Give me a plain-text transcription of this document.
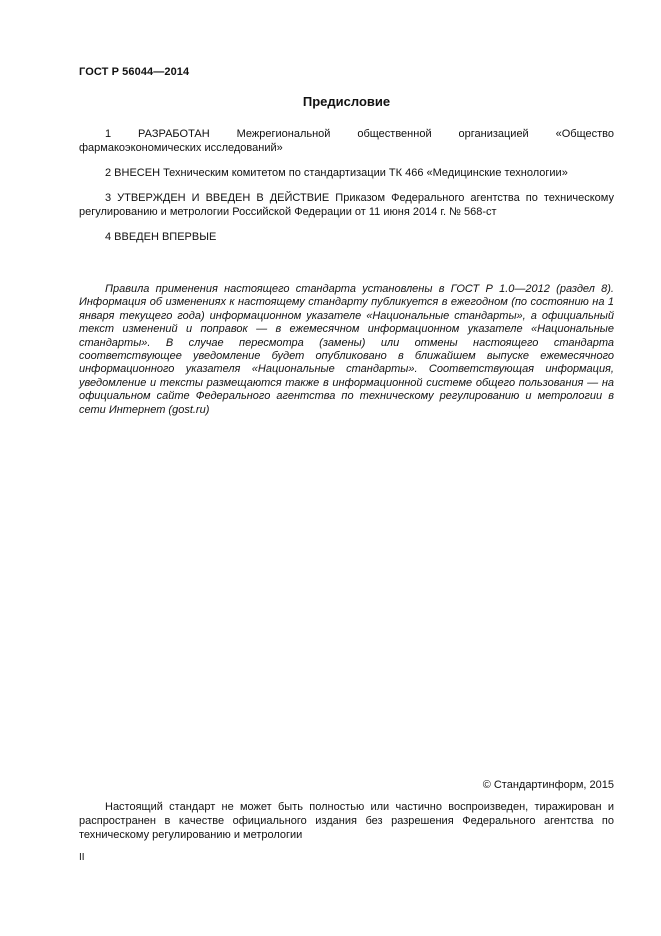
ГОСТ Р 56044—2014
Предисловие
1 РАЗРАБОТАН Межрегиональной общественной организацией «Общество фармакоэкономических исследований»
2 ВНЕСЕН Техническим комитетом по стандартизации ТК 466 «Медицинские технологии»
3 УТВЕРЖДЕН И ВВЕДЕН В ДЕЙСТВИЕ Приказом Федерального агентства по техническому регулированию и метрологии Российской Федерации от 11 июня 2014 г. № 568-ст
4 ВВЕДЕН ВПЕРВЫЕ
Правила применения настоящего стандарта установлены в ГОСТ Р 1.0—2012 (раздел 8). Информация об изменениях к настоящему стандарту публикуется в ежегодном (по состоянию на 1 января текущего года) информационном указателе «Национальные стандарты», а официальный текст изменений и поправок — в ежемесячном информационном указателе «Национальные стандарты». В случае пересмотра (замены) или отмены настоящего стандарта соответствующее уведомление будет опубликовано в ближайшем выпуске ежемесячного информационного указателя «Национальные стандарты». Соответствующая информация, уведомление и тексты размещаются также в информационной системе общего пользования — на официальном сайте Федерального агентства по техническому регулированию и метрологии в сети Интернет (gost.ru)
© Стандартинформ, 2015
Настоящий стандарт не может быть полностью или частично воспроизведен, тиражирован и распространен в качестве официального издания без разрешения Федерального агентства по техническому регулированию и метрологии
II
